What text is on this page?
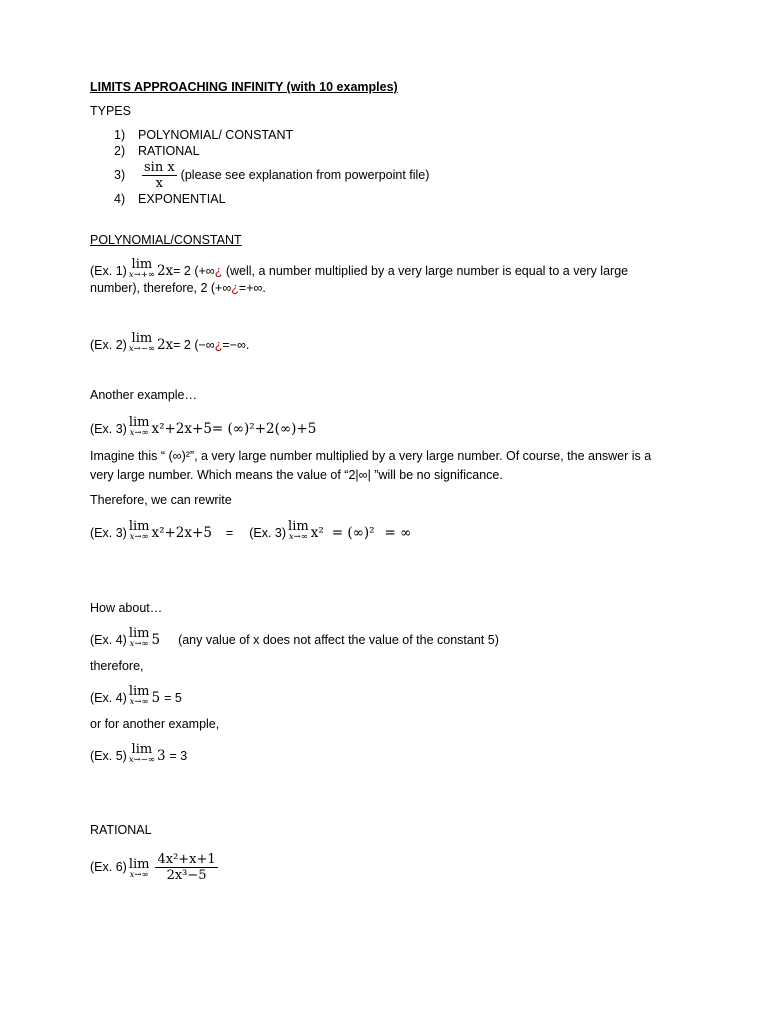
LIMITS APPROACHING INFINITY (with 10 examples)
TYPES
1) POLYNOMIAL/ CONSTANT
2) RATIONAL
$3) \frac{\text{sin x}}{x}$ (please see explanation from powerpoint file)
4) EXPONENTIAL
POLYNOMIAL/CONSTANT
(Ex. 1) lim
x→+∞ 2x= 2 (+∞¿ (well, a number multiplied by a very large number is equal to a very large
number), therefore, 2 (+∞¿=+∞.
(Ex. 2) lim
x→−∞ 2x= 2 (−∞¿=−∞.
Another example…
(Ex. 3) lim
x→∞ x²+2x+5= (∞)²+2(∞)+5
Imagine this “ (∞)²”, a very large number multiplied by a very large number. Of course, the answer is a
very large number. Which means the value of “2|∞| ”will be no significance.
Therefore, we can rewrite
(Ex. 3) lim
x→∞ x²+2x+5 = (Ex. 3) lim
x→∞ x² = (∞)² = ∞
How about…
(Ex. 4) lim
x→∞ 5 (any value of x does not affect the value of the constant 5)
therefore,
(Ex. 4) lim
x→∞ 5 = 5
or for another example,
(Ex. 5) lim
x→−∞ 3 = 3
RATIONAL
(Ex. 6) lim
$x\to\infty \frac{\text{4x²+x+1}}{\text{2x³−5}}$
